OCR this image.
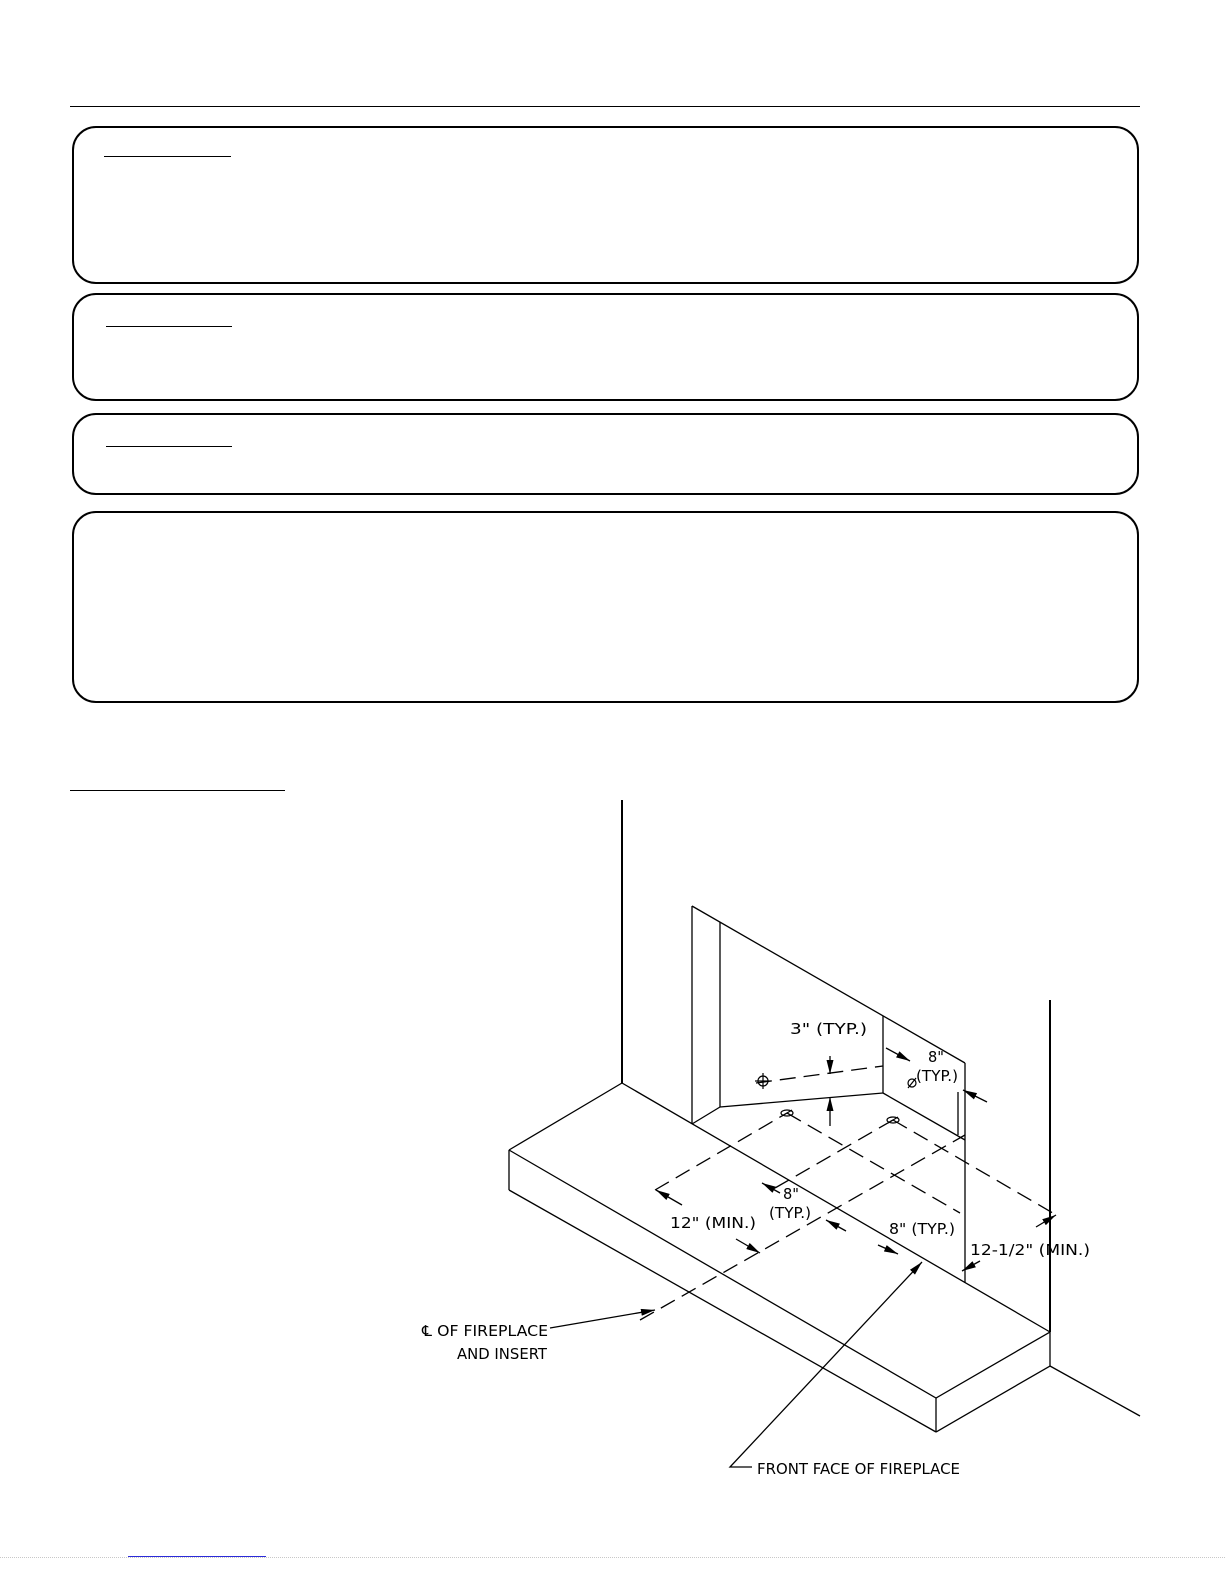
3" (TYP.)
8"
(TYP.)
8"
(TYP.)
12" (MIN.)	8" (TYP.)
12-1/2" (MIN.)
℄ OF FIREPLACE
AND INSERT
FRONT FACE OF FIREPLACE
